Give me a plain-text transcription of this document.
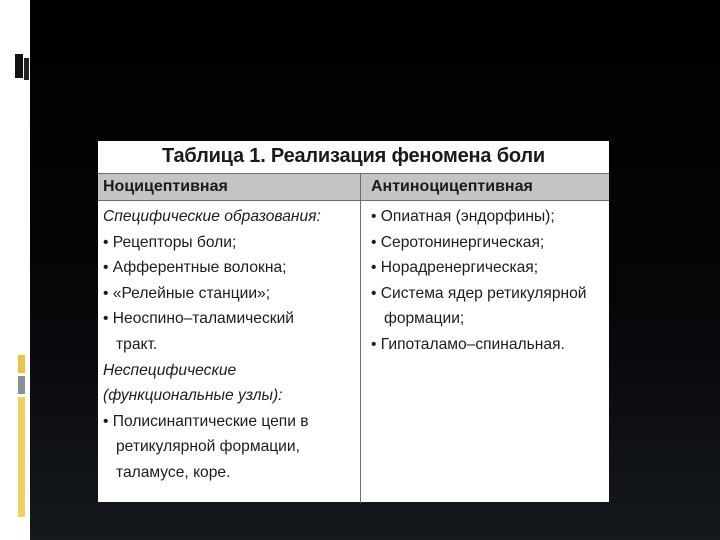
Таблица 1. Реализация феномена боли
Ноцицептивная	Антиноцицептивная
Специфические образования:
• Рецепторы боли;
• Афферентные волокна;
• «Релейные станции»;
• Неоспино–таламический
тракт.
Неспецифические
(функциональные узлы):
• Полисинаптические цепи в
ретикулярной формации,
таламусе, коре.
• Опиатная (эндорфины);
• Серотонинергическая;
• Норадренергическая;
• Система ядер ретикулярной
формации;
• Гипоталамо–спинальная.
